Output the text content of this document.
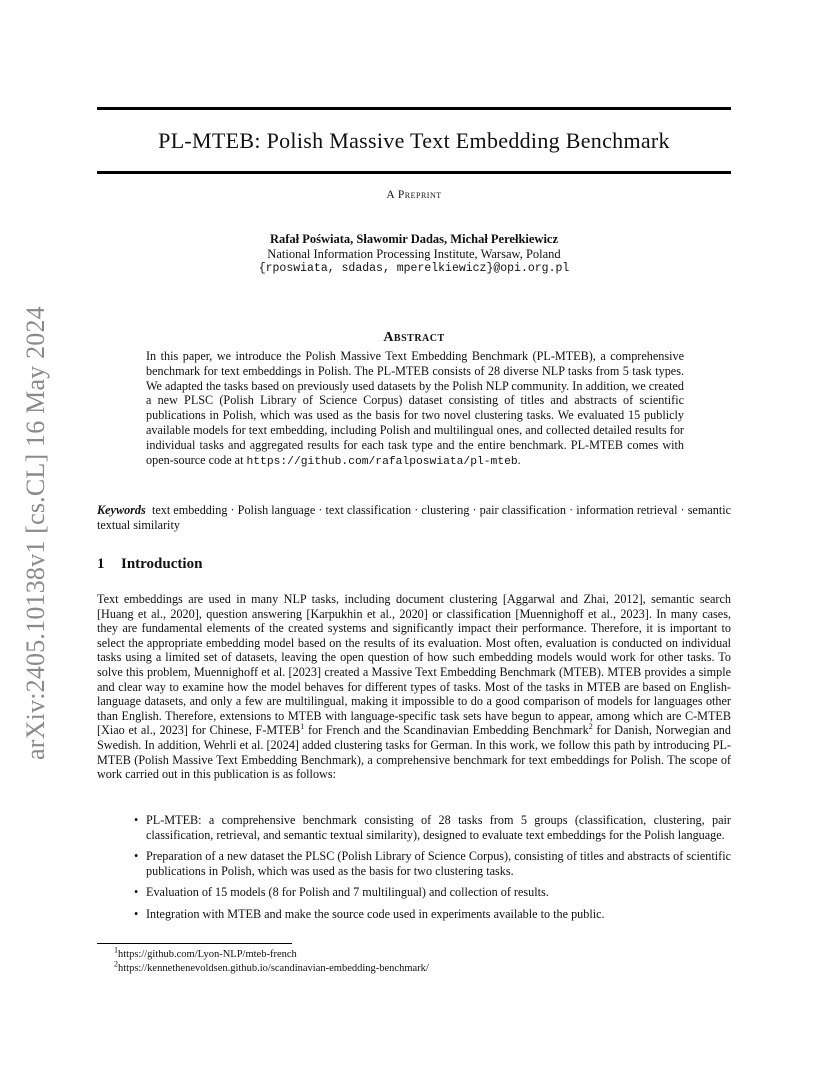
arXiv:2405.10138v1 [cs.CL] 16 May 2024
PL-MTEB: Polish Massive Text Embedding Benchmark
A Preprint
Rafał Poświata, Sławomir Dadas, Michał Perełkiewicz
National Information Processing Institute, Warsaw, Poland
{rposwiata, sdadas, mperelkiewicz}@opi.org.pl
Abstract
In this paper, we introduce the Polish Massive Text Embedding Benchmark (PL-MTEB), a comprehensive benchmark for text embeddings in Polish. The PL-MTEB consists of 28 diverse NLP tasks from 5 task types. We adapted the tasks based on previously used datasets by the Polish NLP community. In addition, we created a new PLSC (Polish Library of Science Corpus) dataset consisting of titles and abstracts of scientific publications in Polish, which was used as the basis for two novel clustering tasks. We evaluated 15 publicly available models for text embedding, including Polish and multilingual ones, and collected detailed results for individual tasks and aggregated results for each task type and the entire benchmark. PL-MTEB comes with open-source code at https://github.com/rafalposwiata/pl-mteb.
Keywords text embedding · Polish language · text classification · clustering · pair classification · information retrieval · semantic textual similarity
1 Introduction
Text embeddings are used in many NLP tasks, including document clustering [Aggarwal and Zhai, 2012], semantic search [Huang et al., 2020], question answering [Karpukhin et al., 2020] or classification [Muennighoff et al., 2023]. In many cases, they are fundamental elements of the created systems and significantly impact their performance. Therefore, it is important to select the appropriate embedding model based on the results of its evaluation. Most often, evaluation is conducted on individual tasks using a limited set of datasets, leaving the open question of how such embedding models would work for other tasks. To solve this problem, Muennighoff et al. [2023] created a Massive Text Embedding Benchmark (MTEB). MTEB provides a simple and clear way to examine how the model behaves for different types of tasks. Most of the tasks in MTEB are based on English-language datasets, and only a few are multilingual, making it impossible to do a good comparison of models for languages other than English. Therefore, extensions to MTEB with language-specific task sets have begun to appear, among which are C-MTEB [Xiao et al., 2023] for Chinese, F-MTEB$^1$ for French and the Scandinavian Embedding Benchmark$^2$ for Danish, Norwegian and Swedish. In addition, Wehrli et al. [2024] added clustering tasks for German. In this work, we follow this path by introducing PL-MTEB (Polish Massive Text Embedding Benchmark), a comprehensive benchmark for text embeddings for Polish. The scope of work carried out in this publication is as follows:
• PL-MTEB: a comprehensive benchmark consisting of 28 tasks from 5 groups (classification, clustering, pair classification, retrieval, and semantic textual similarity), designed to evaluate text embeddings for the Polish language.
• Preparation of a new dataset the PLSC (Polish Library of Science Corpus), consisting of titles and abstracts of scientific publications in Polish, which was used as the basis for two clustering tasks.
• Evaluation of 15 models (8 for Polish and 7 multilingual) and collection of results.
• Integration with MTEB and make the source code used in experiments available to the public.
$^1$https://github.com/Lyon-NLP/mteb-french
$^2$https://kennethenevoldsen.github.io/scandinavian-embedding-benchmark/
